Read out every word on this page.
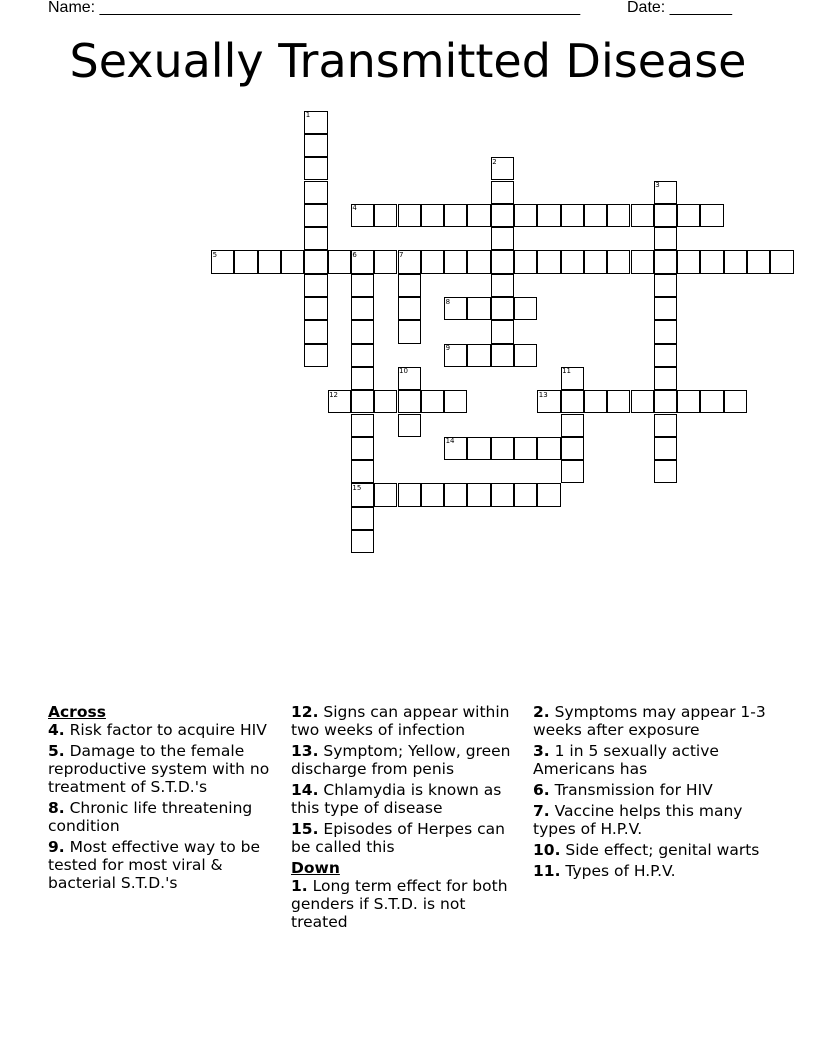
Name: ______________________________________________________	Date: _______
Sexually Transmitted Disease
1
2
3
4
5	6	7
15
8
9
10	11
12	13
14
Across
4. Risk factor to acquire HIV
5. Damage to the female reproductive system with no treatment of S.T.D.'s
8. Chronic life threatening condition
9. Most effective way to be tested for most viral & bacterial S.T.D.'s
12. Signs can appear within two weeks of infection
13. Symptom; Yellow, green discharge from penis
14. Chlamydia is known as this type of disease
15. Episodes of Herpes can be called this
Down
1. Long term effect for both genders if S.T.D. is not treated
2. Symptoms may appear 1-3 weeks after exposure
3. 1 in 5 sexually active Americans has
6. Transmission for HIV
7. Vaccine helps this many types of H.P.V.
10. Side effect; genital warts
11. Types of H.P.V.
